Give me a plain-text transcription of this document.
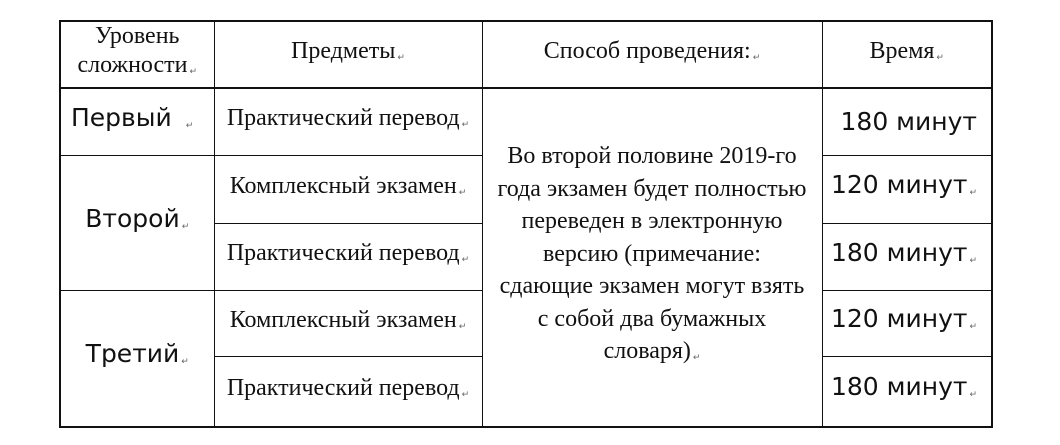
Уровень сложности ↵	Предметы ↵	Способ проведения: ↵	Время ↵
Первый ↵	Практический перевод ↵	Во второй половине 2019-го года экзамен будет полностью переведен в электронную версию (примечание: сдающие экзамен могут взять с собой два бумажных словаря) ↵	180 минут
Второй ↵	Комплексный экзамен ↵		120 минут ↵
	Практический перевод ↵		180 минут ↵
Третий ↵	Комплексный экзамен ↵		120 минут ↵
	Практический перевод ↵		180 минут ↵
